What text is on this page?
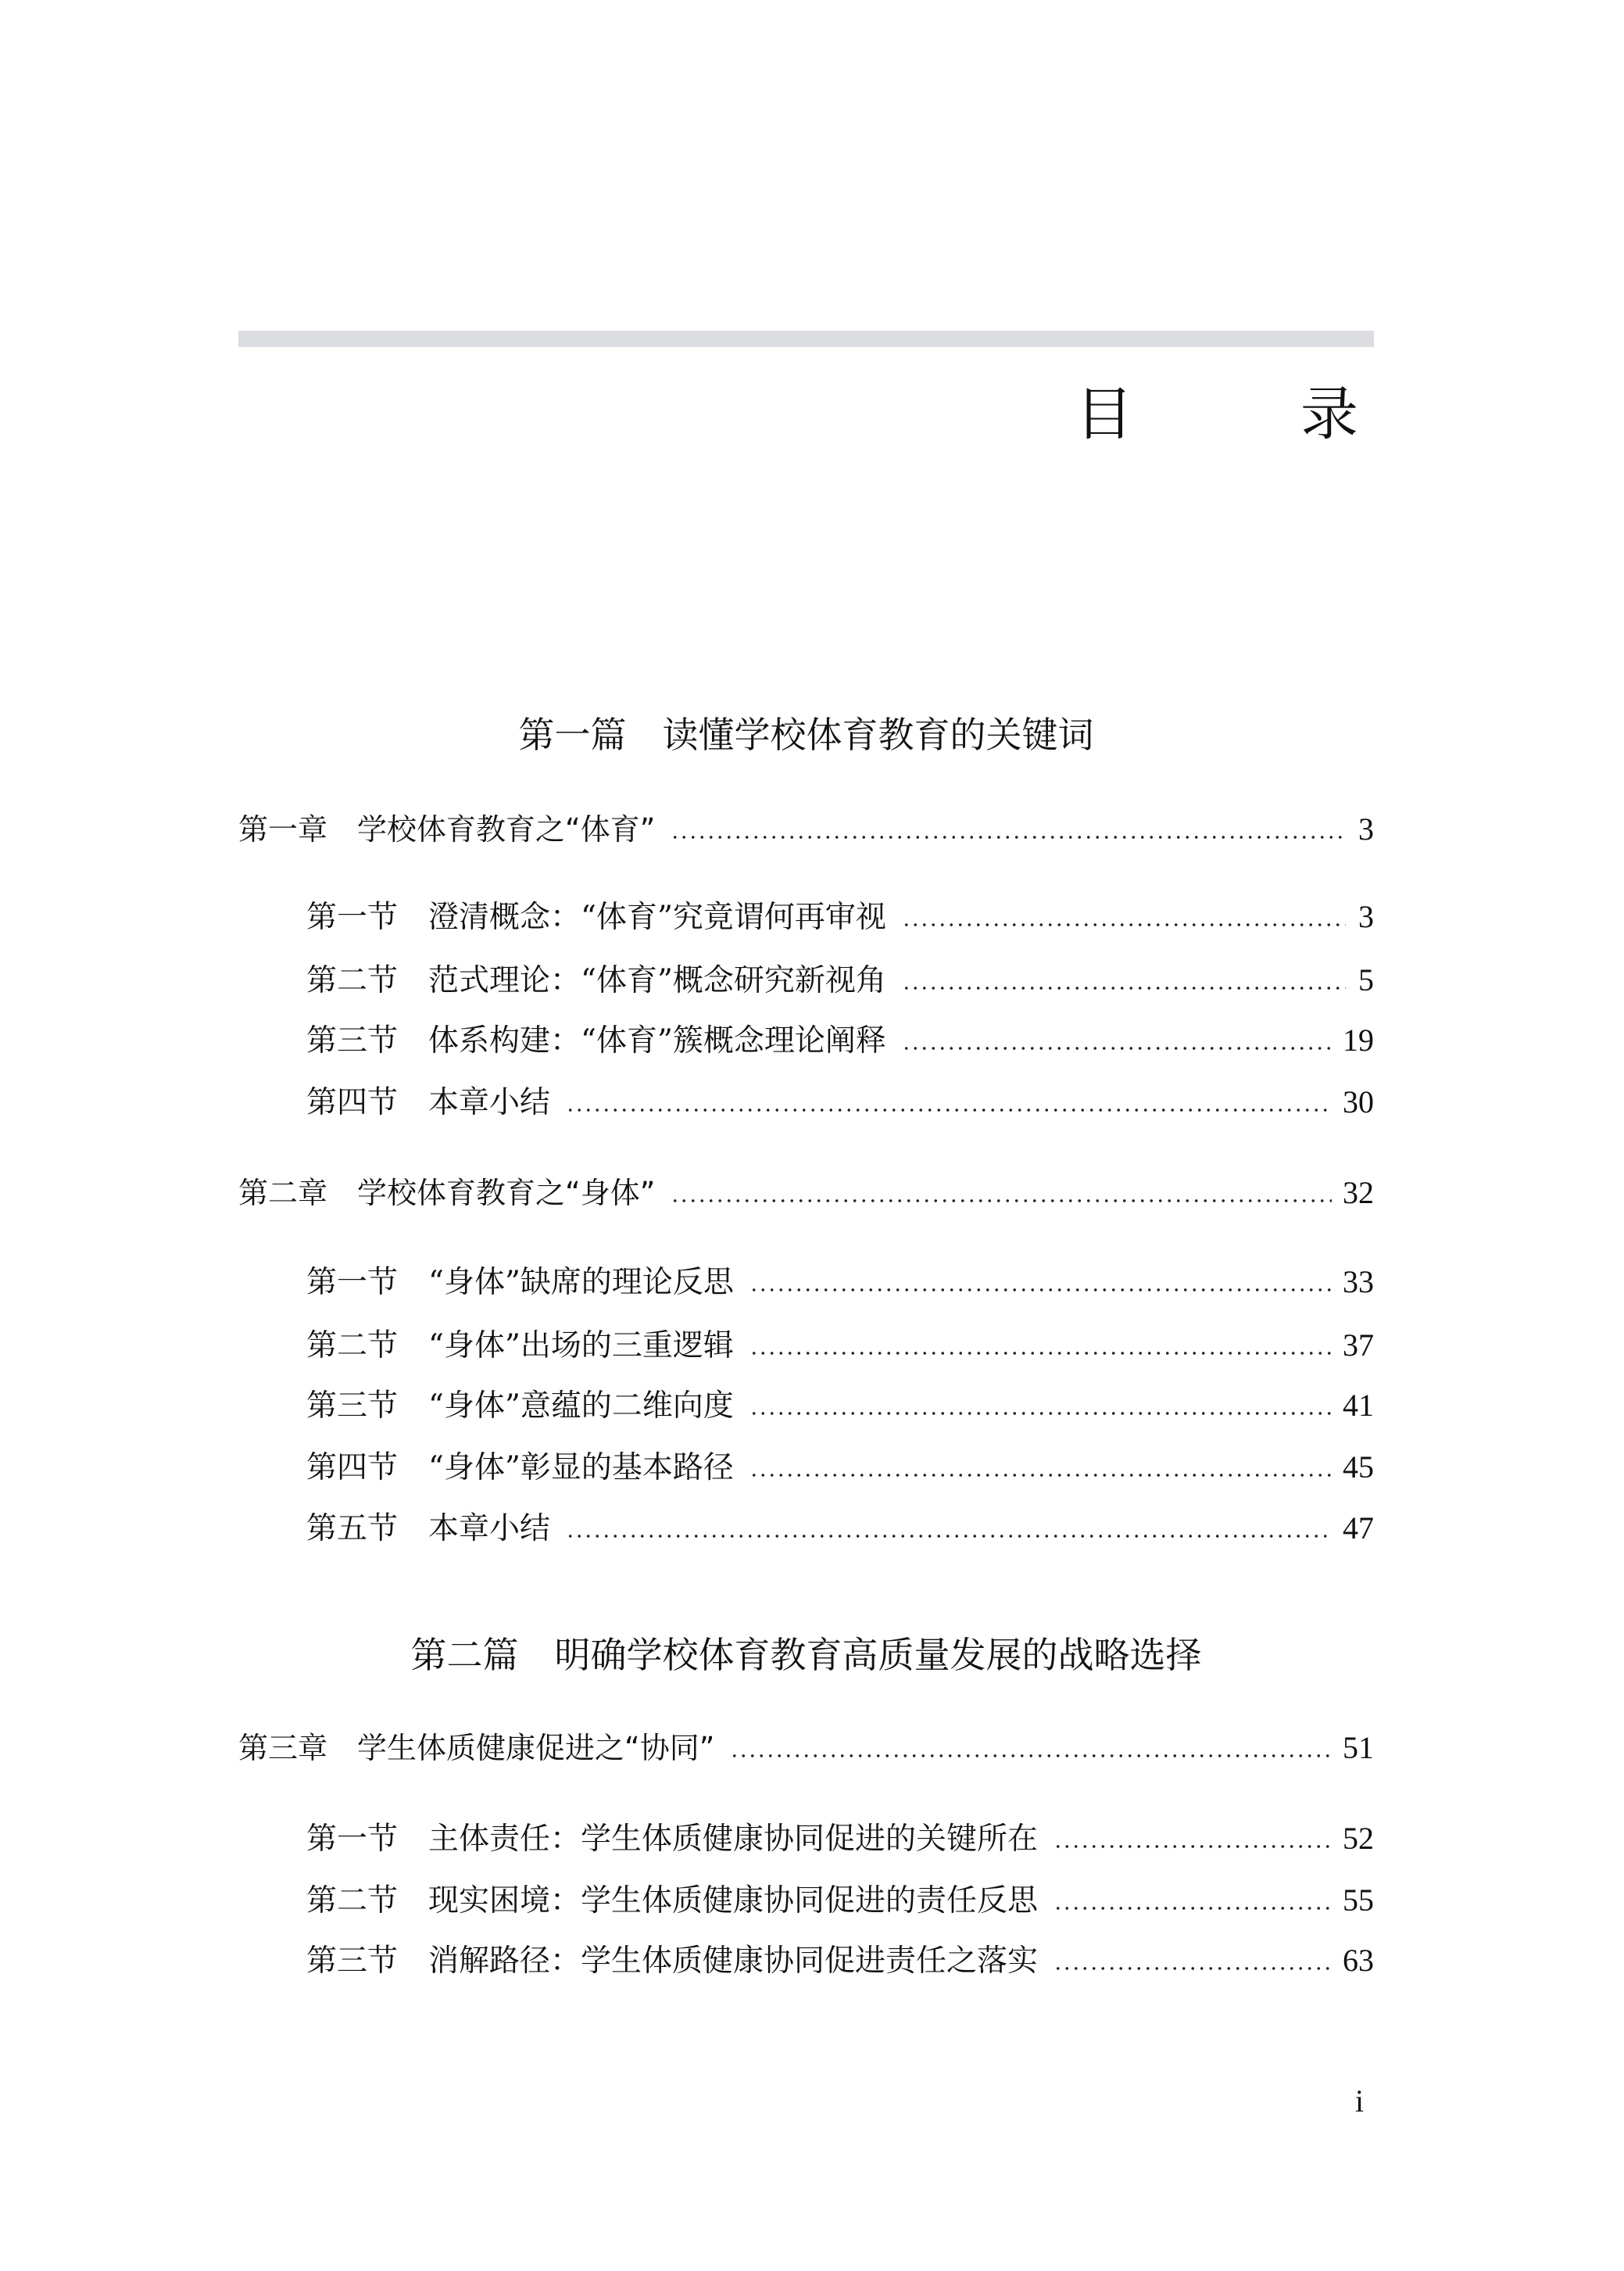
目　录
第一篇　读懂学校体育教育的关键词
第二篇　明确学校体育教育高质量发展的战略选择
第一章　学校体育教育之“体育”	3
第一节　澄清概念：“体育”究竟谓何再审视	3
第二节　范式理论：“体育”概念研究新视角	5
第三节　体系构建：“体育”簇概念理论阐释	19
第四节　本章小结	30
第二章　学校体育教育之“身体”	32
第一节　“身体”缺席的理论反思	33
第二节　“身体”出场的三重逻辑	37
第三节　“身体”意蕴的二维向度	41
第四节　“身体”彰显的基本路径	45
第五节　本章小结	47
第三章　学生体质健康促进之“协同”	51
第一节　主体责任：学生体质健康协同促进的关键所在	52
第二节　现实困境：学生体质健康协同促进的责任反思	55
第三节　消解路径：学生体质健康协同促进责任之落实	63
i
